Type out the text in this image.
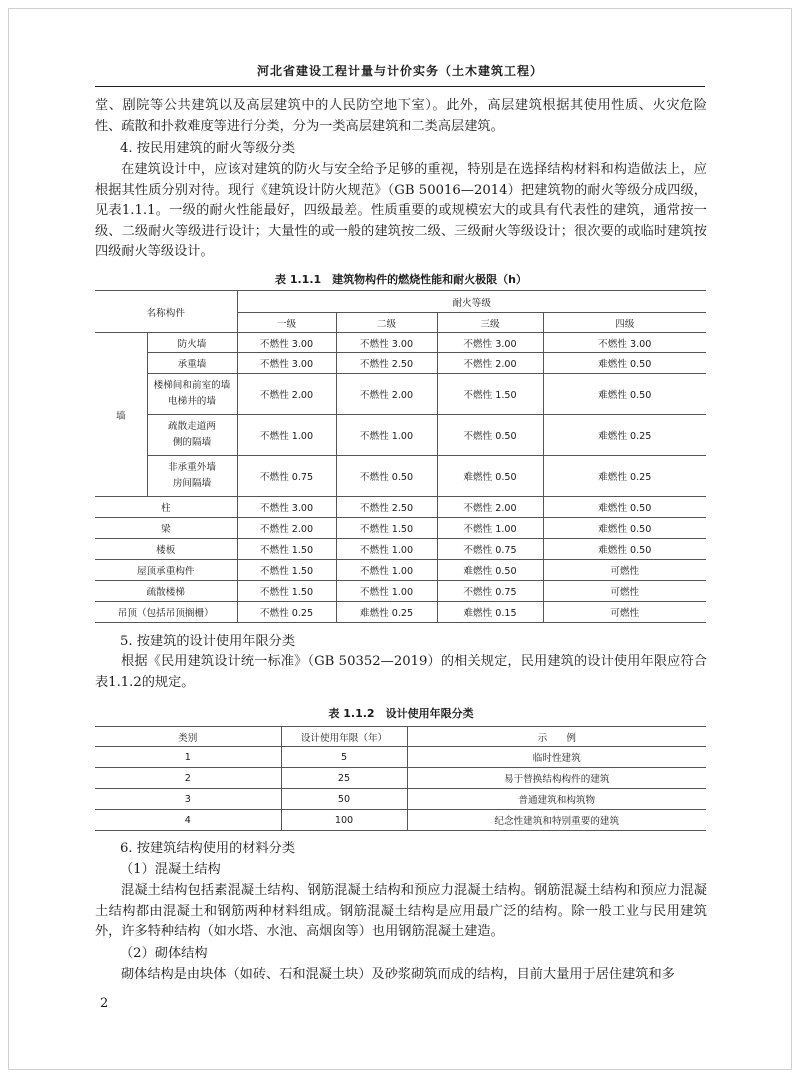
河北省建设工程计量与计价实务（土木建筑工程）

堂、剧院等公共建筑以及高层建筑中的人民防空地下室）。此外，高层建筑根据其使用性质、火灾危险性、疏散和扑救难度等进行分类，分为一类高层建筑和二类高层建筑。

4. 按民用建筑的耐火等级分类

在建筑设计中，应该对建筑的防火与安全给予足够的重视，特别是在选择结构材料和构造做法上，应根据其性质分别对待。现行《建筑设计防火规范》（GB 50016—2014）把建筑物的耐火等级分成四级，见表1.1.1。一级的耐火性能最好，四级最差。性质重要的或规模宏大的或具有代表性的建筑，通常按一级、二级耐火等级进行设计；大量性的或一般的建筑按二级、三级耐火等级设计；很次要的或临时建筑按四级耐火等级设计。

表 1.1.1　建筑物构件的燃烧性能和耐火极限（h）
名称构件		耐火等级			
		一级	二级	三级	四级
墙	防火墙	不燃性 3.00	不燃性 3.00	不燃性 3.00	不燃性 3.00
	承重墙	不燃性 3.00	不燃性 2.50	不燃性 2.00	难燃性 0.50
	楼梯间和前室的墙电梯井的墙	不燃性 2.00	不燃性 2.00	不燃性 1.50	难燃性 0.50
	疏散走道两侧的隔墙	不燃性 1.00	不燃性 1.00	不燃性 0.50	难燃性 0.25
	非承重外墙房间隔墙	不燃性 0.75	不燃性 0.50	难燃性 0.50	难燃性 0.25
柱		不燃性 3.00	不燃性 2.50	不燃性 2.00	难燃性 0.50
梁		不燃性 2.00	不燃性 1.50	不燃性 1.00	难燃性 0.50
楼板		不燃性 1.50	不燃性 1.00	不燃性 0.75	难燃性 0.50
屋顶承重构件		不燃性 1.50	不燃性 1.00	难燃性 0.50	可燃性
疏散楼梯		不燃性 1.50	不燃性 1.00	不燃性 0.75	可燃性
吊顶（包括吊顶搁栅）		不燃性 0.25	难燃性 0.25	难燃性 0.15	可燃性

5. 按建筑的设计使用年限分类

根据《民用建筑设计统一标准》（GB 50352—2019）的相关规定，民用建筑的设计使用年限应符合表1.1.2的规定。

表 1.1.2　设计使用年限分类
类别	设计使用年限（年）	示　　例
1	5	临时性建筑
2	25	易于替换结构构件的建筑
3	50	普通建筑和构筑物
4	100	纪念性建筑和特别重要的建筑

6. 按建筑结构使用的材料分类

（1）混凝土结构

混凝土结构包括素混凝土结构、钢筋混凝土结构和预应力混凝土结构。钢筋混凝土结构和预应力混凝土结构都由混凝土和钢筋两种材料组成。钢筋混凝土结构是应用最广泛的结构。除一般工业与民用建筑外，许多特种结构（如水塔、水池、高烟囱等）也用钢筋混凝土建造。

（2）砌体结构

砌体结构是由块体（如砖、石和混凝土块）及砂浆砌筑而成的结构，目前大量用于居住建筑和多

2
